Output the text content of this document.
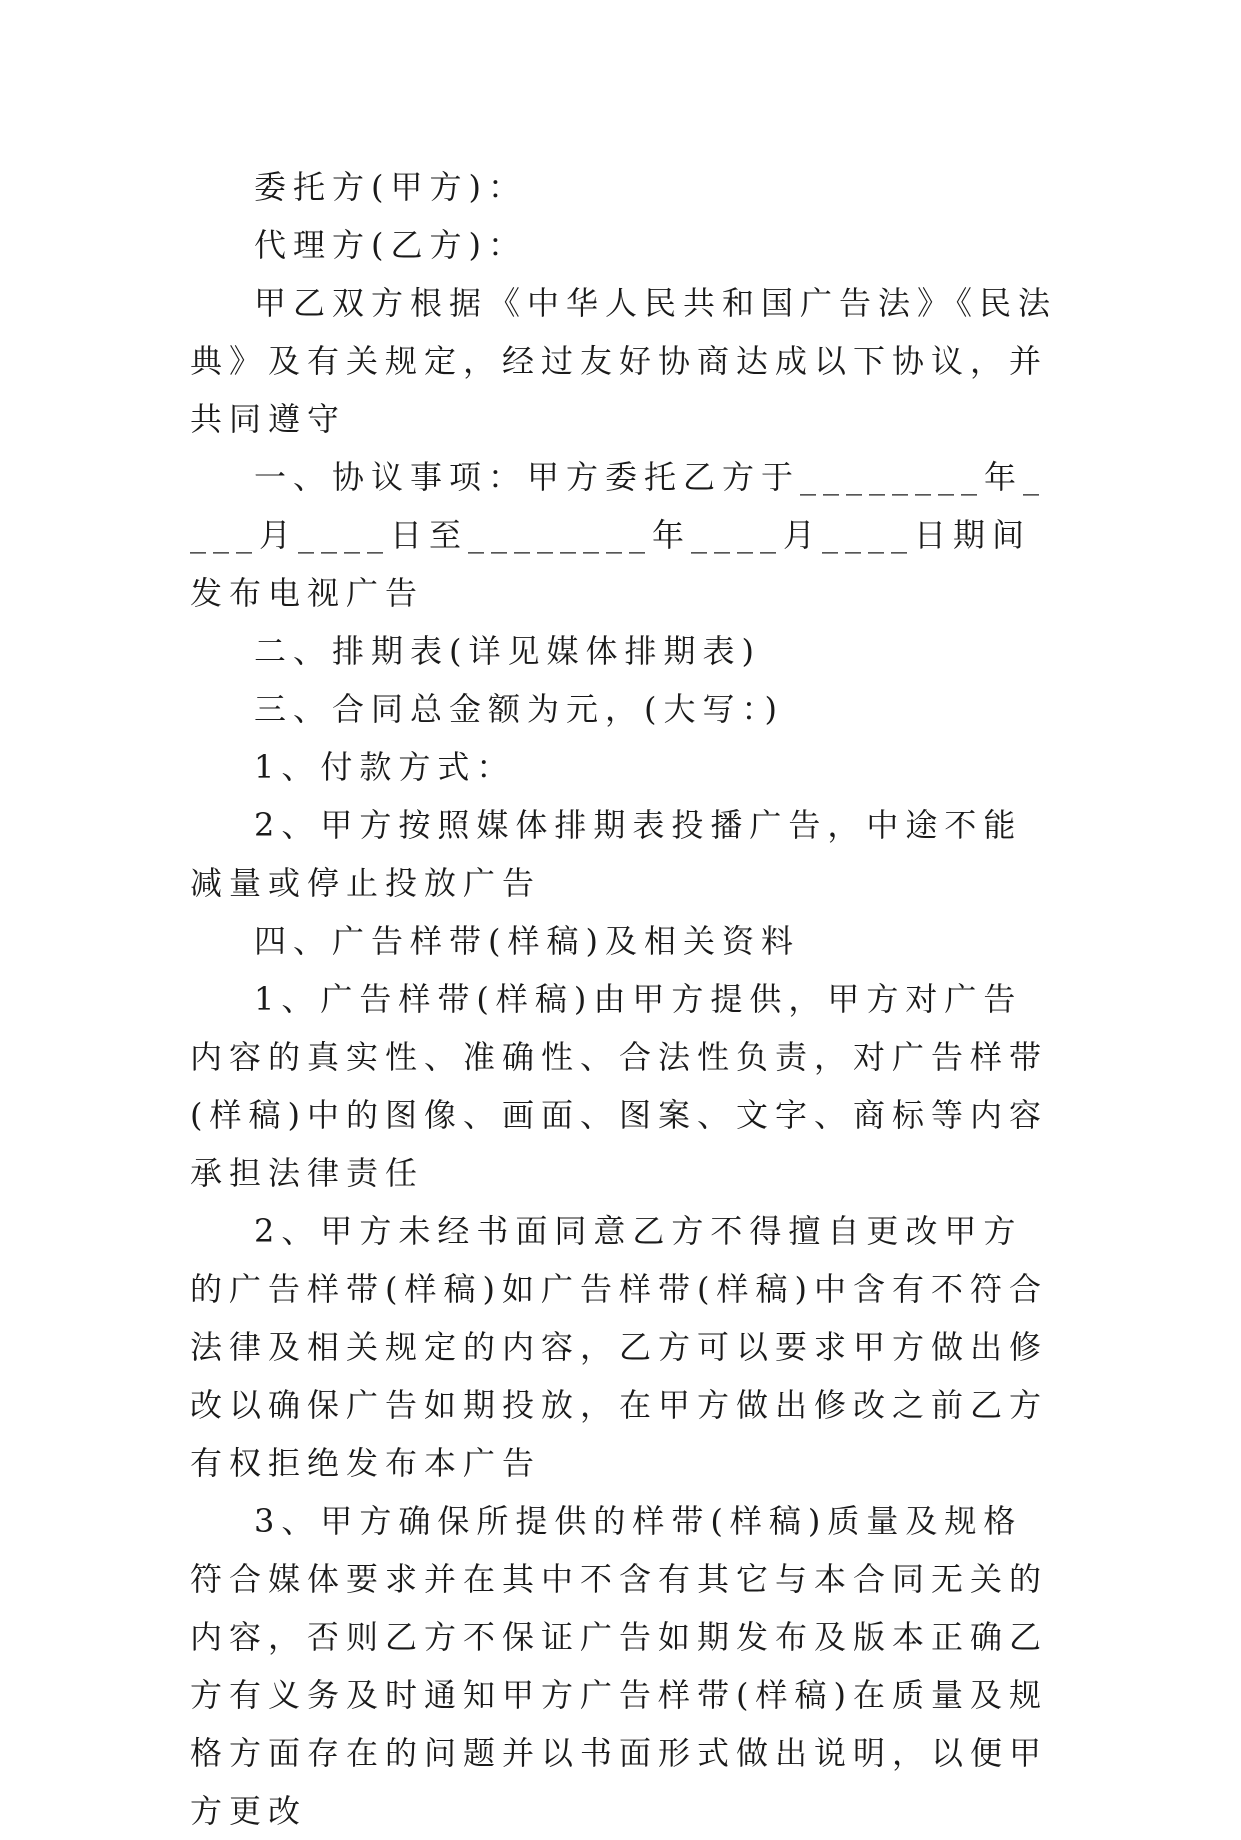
委托方(甲方)：

代理方(乙方)：

甲乙双方根据《中华人民共和国广告法》《民法典》及有关规定，经过友好协商达成以下协议，并共同遵守

一、协议事项：甲方委托乙方于________年____月____日至________年____月____日期间发布电视广告

二、排期表(详见媒体排期表)

三、合同总金额为元，(大写：)

1、付款方式：

2、甲方按照媒体排期表投播广告，中途不能减量或停止投放广告

四、广告样带(样稿)及相关资料

1、广告样带(样稿)由甲方提供，甲方对广告内容的真实性、准确性、合法性负责，对广告样带(样稿)中的图像、画面、图案、文字、商标等内容承担法律责任

2、甲方未经书面同意乙方不得擅自更改甲方的广告样带(样稿)如广告样带(样稿)中含有不符合法律及相关规定的内容，乙方可以要求甲方做出修改以确保广告如期投放，在甲方做出修改之前乙方有权拒绝发布本广告

3、甲方确保所提供的样带(样稿)质量及规格符合媒体要求并在其中不含有其它与本合同无关的内容，否则乙方不保证广告如期发布及版本正确乙方有义务及时通知甲方广告样带(样稿)在质量及规格方面存在的问题并以书面形式做出说明，以便甲方更改
